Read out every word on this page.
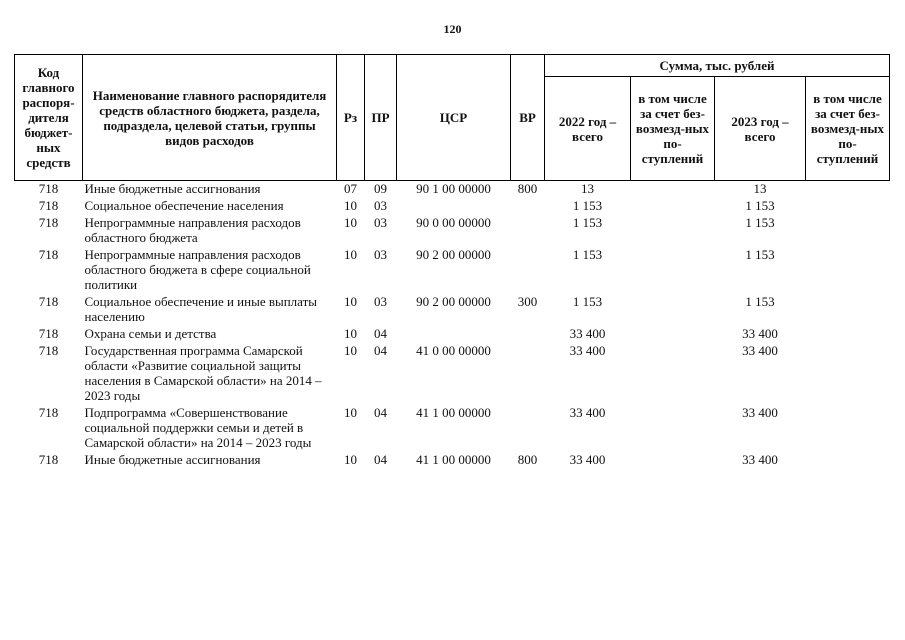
120
Код главного распоря-дителя бюджет-ных средств	Наименование главного распорядителя средств областного бюджета, раздела, подраздела, целевой статьи, группы видов расходов	Рз	ПР	ЦСР	ВР	Сумма, тыс. рублей			
						2022 год – всего	в том числе за счет без-возмезд-ных по-ступлений	2023 год – всего	в том числе за счет без-возмезд-ных по-ступлений
718	Иные бюджетные ассигнования	07	09	90 1 00 00000	800	13		13	
718	Социальное обеспечение населения	10	03			1 153		1 153	
718	Непрограммные направления расходов областного бюджета	10	03	90 0 00 00000		1 153		1 153	
718	Непрограммные направления расходов областного бюджета в сфере социальной политики	10	03	90 2 00 00000		1 153		1 153	
718	Социальное обеспечение и иные выплаты населению	10	03	90 2 00 00000	300	1 153		1 153	
718	Охрана семьи и детства	10	04			33 400		33 400	
718	Государственная программа Самарской области «Развитие социальной защиты населения в Самарской области» на 2014 – 2023 годы	10	04	41 0 00 00000		33 400		33 400	
718	Подпрограмма «Совершенствование социальной поддержки семьи и детей в Самарской области» на 2014 – 2023 годы	10	04	41 1 00 00000		33 400		33 400	
718	Иные бюджетные ассигнования	10	04	41 1 00 00000	800	33 400		33 400	
